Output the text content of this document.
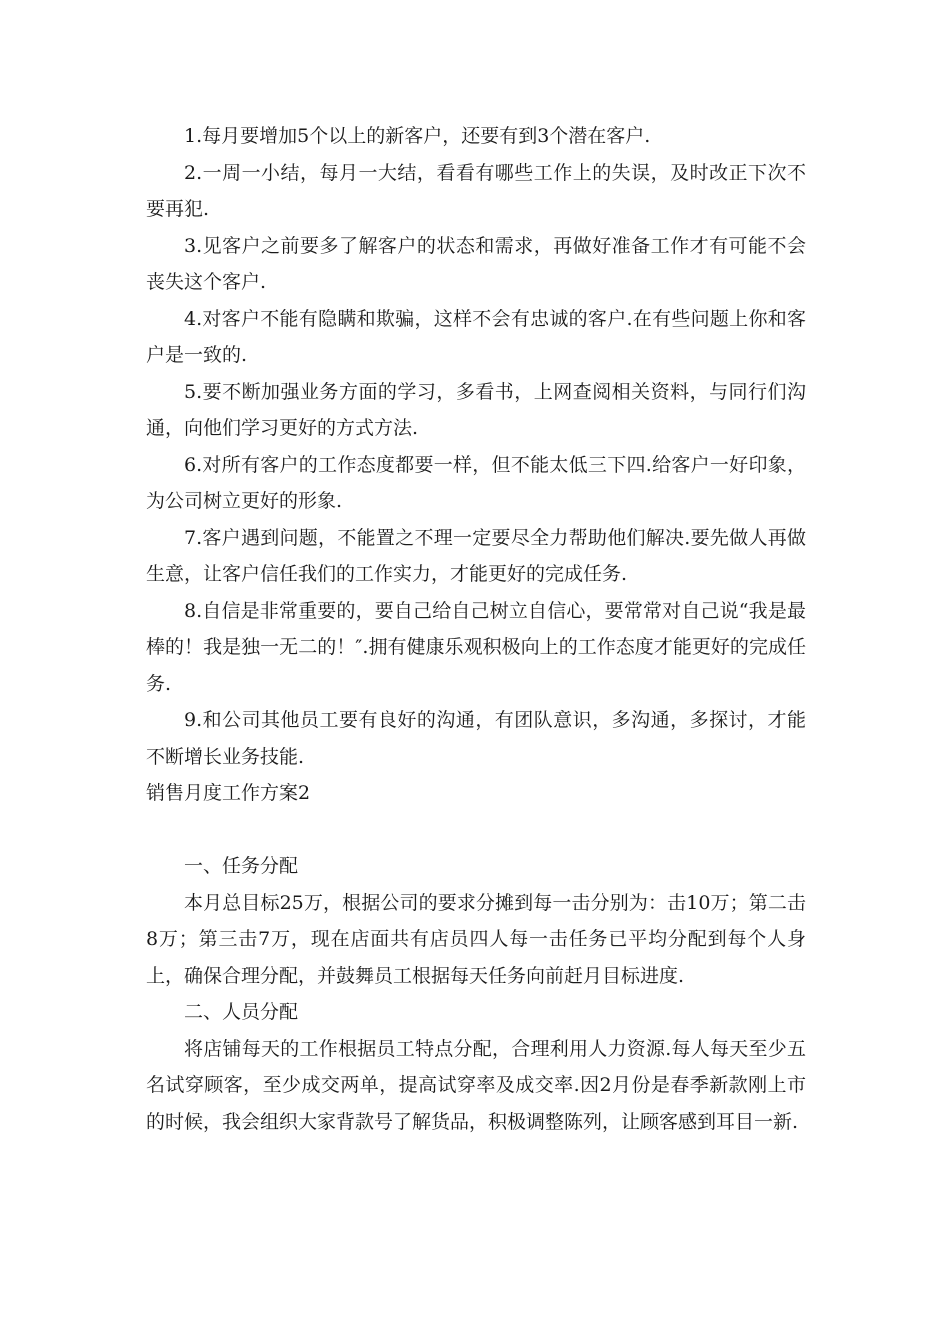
1.每月要增加5个以上的新客户，还要有到3个潜在客户.

2.一周一小结，每月一大结，看看有哪些工作上的失误，及时改正下次不要再犯.

3.见客户之前要多了解客户的状态和需求，再做好准备工作才有可能不会丧失这个客户.

4.对客户不能有隐瞒和欺骗，这样不会有忠诚的客户.在有些问题上你和客户是一致的.

5.要不断加强业务方面的学习，多看书，上网查阅相关资料，与同行们沟通，向他们学习更好的方式方法.

6.对所有客户的工作态度都要一样，但不能太低三下四.给客户一好印象，为公司树立更好的形象.

7.客户遇到问题，不能置之不理一定要尽全力帮助他们解决.要先做人再做生意，让客户信任我们的工作实力，才能更好的完成任务.

8.自信是非常重要的，要自己给自己树立自信心，要常常对自己说“我是最棒的！我是独一无二的！″.拥有健康乐观积极向上的工作态度才能更好的完成任务.

9.和公司其他员工要有良好的沟通，有团队意识，多沟通，多探讨，才能不断增长业务技能.

销售月度工作方案2

一、任务分配

本月总目标25万，根据公司的要求分摊到每一击分别为：击10万；第二击8万；第三击7万，现在店面共有店员四人每一击任务已平均分配到每个人身上，确保合理分配，并鼓舞员工根据每天任务向前赶月目标进度.

二、人员分配

将店铺每天的工作根据员工特点分配，合理利用人力资源.每人每天至少五名试穿顾客，至少成交两单，提高试穿率及成交率.因2月份是春季新款刚上市的时候，我会组织大家背款号了解货品，积极调整陈列，让顾客感到耳目一新.
